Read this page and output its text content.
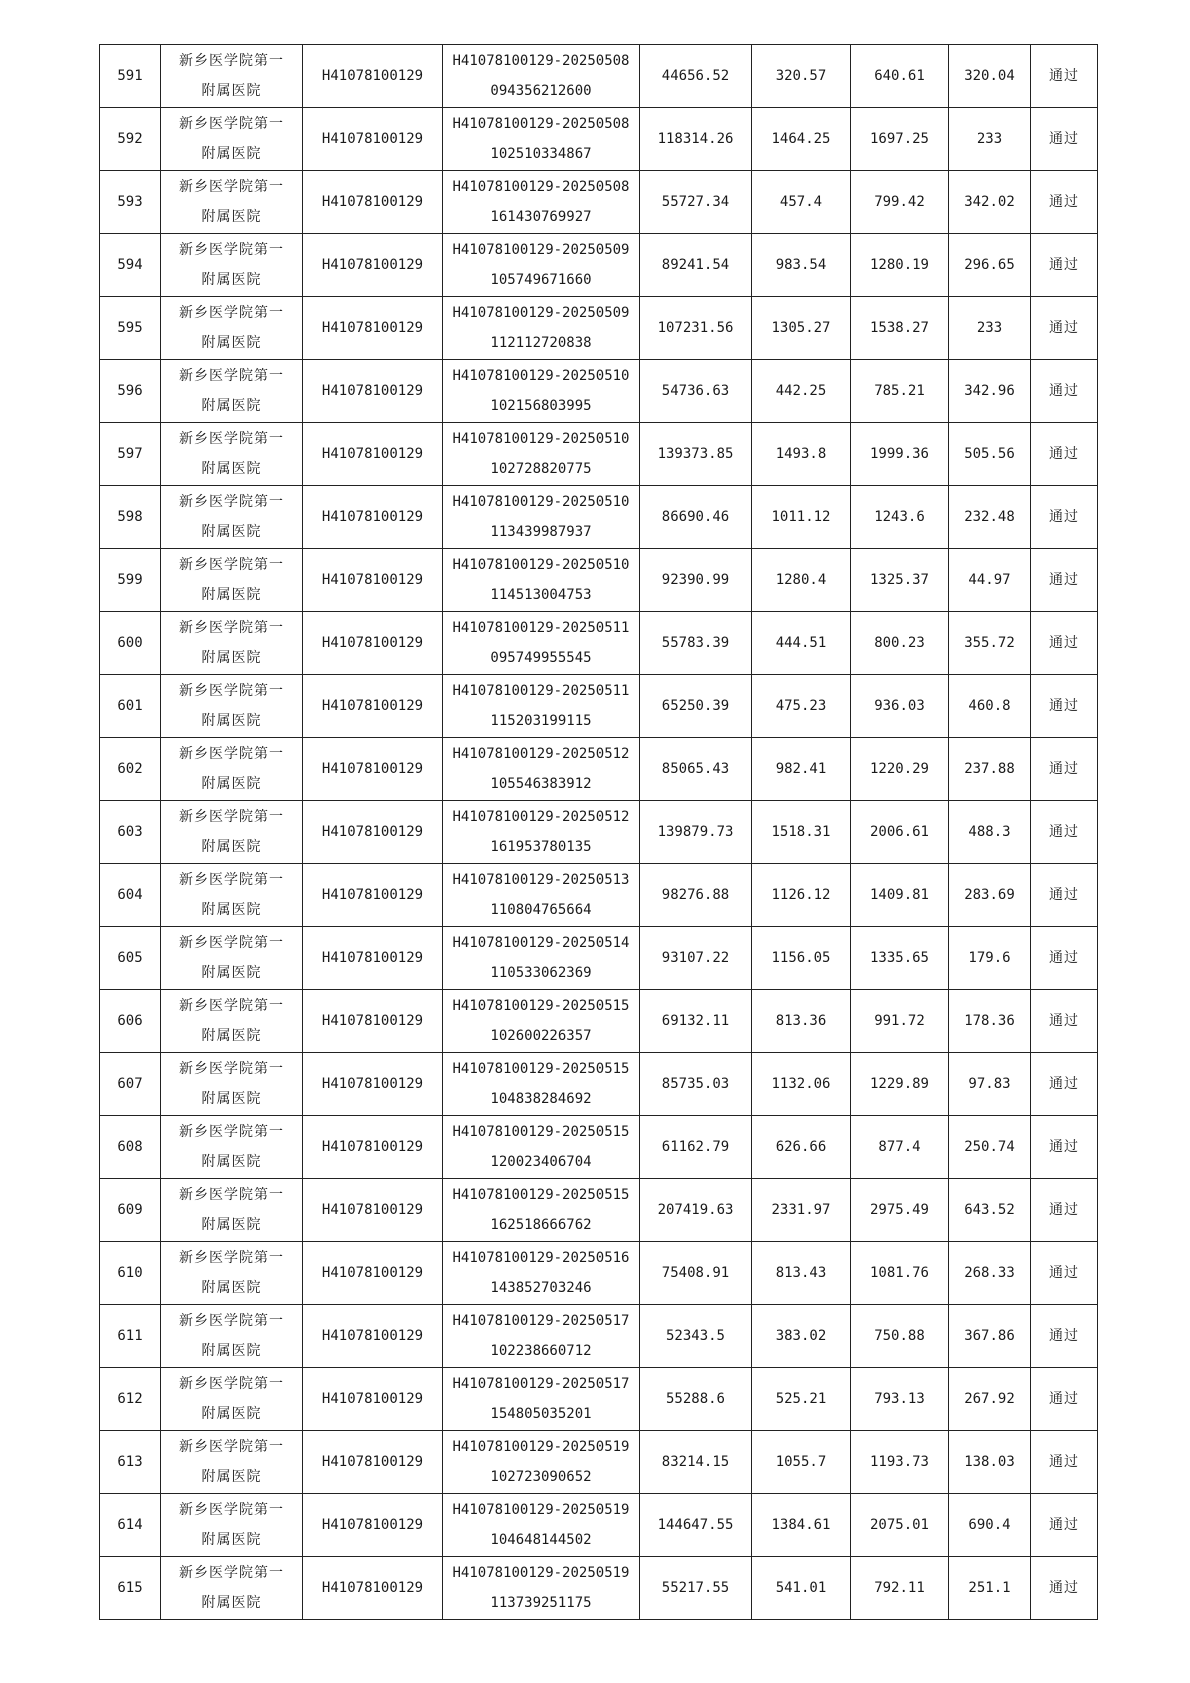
591	新乡医学院第一
附属医院	H41078100129	H41078100129-20250508
094356212600	44656.52	320.57	640.61	320.04	通过

592	新乡医学院第一
附属医院	H41078100129	H41078100129-20250508
102510334867	118314.26	1464.25	1697.25	233	通过

593	新乡医学院第一
附属医院	H41078100129	H41078100129-20250508
161430769927	55727.34	457.4	799.42	342.02	通过

594	新乡医学院第一
附属医院	H41078100129	H41078100129-20250509
105749671660	89241.54	983.54	1280.19	296.65	通过

595	新乡医学院第一
附属医院	H41078100129	H41078100129-20250509
112112720838	107231.56	1305.27	1538.27	233	通过

596	新乡医学院第一
附属医院	H41078100129	H41078100129-20250510
102156803995	54736.63	442.25	785.21	342.96	通过

597	新乡医学院第一
附属医院	H41078100129	H41078100129-20250510
102728820775	139373.85	1493.8	1999.36	505.56	通过

598	新乡医学院第一
附属医院	H41078100129	H41078100129-20250510
113439987937	86690.46	1011.12	1243.6	232.48	通过

599	新乡医学院第一
附属医院	H41078100129	H41078100129-20250510
114513004753	92390.99	1280.4	1325.37	44.97	通过

600	新乡医学院第一
附属医院	H41078100129	H41078100129-20250511
095749955545	55783.39	444.51	800.23	355.72	通过

601	新乡医学院第一
附属医院	H41078100129	H41078100129-20250511
115203199115	65250.39	475.23	936.03	460.8	通过

602	新乡医学院第一
附属医院	H41078100129	H41078100129-20250512
105546383912	85065.43	982.41	1220.29	237.88	通过

603	新乡医学院第一
附属医院	H41078100129	H41078100129-20250512
161953780135	139879.73	1518.31	2006.61	488.3	通过

604	新乡医学院第一
附属医院	H41078100129	H41078100129-20250513
110804765664	98276.88	1126.12	1409.81	283.69	通过

605	新乡医学院第一
附属医院	H41078100129	H41078100129-20250514
110533062369	93107.22	1156.05	1335.65	179.6	通过

606	新乡医学院第一
附属医院	H41078100129	H41078100129-20250515
102600226357	69132.11	813.36	991.72	178.36	通过

607	新乡医学院第一
附属医院	H41078100129	H41078100129-20250515
104838284692	85735.03	1132.06	1229.89	97.83	通过

608	新乡医学院第一
附属医院	H41078100129	H41078100129-20250515
120023406704	61162.79	626.66	877.4	250.74	通过

609	新乡医学院第一
附属医院	H41078100129	H41078100129-20250515
162518666762	207419.63	2331.97	2975.49	643.52	通过

610	新乡医学院第一
附属医院	H41078100129	H41078100129-20250516
143852703246	75408.91	813.43	1081.76	268.33	通过

611	新乡医学院第一
附属医院	H41078100129	H41078100129-20250517
102238660712	52343.5	383.02	750.88	367.86	通过

612	新乡医学院第一
附属医院	H41078100129	H41078100129-20250517
154805035201	55288.6	525.21	793.13	267.92	通过

613	新乡医学院第一
附属医院	H41078100129	H41078100129-20250519
102723090652	83214.15	1055.7	1193.73	138.03	通过

614	新乡医学院第一
附属医院	H41078100129	H41078100129-20250519
104648144502	144647.55	1384.61	2075.01	690.4	通过

615	新乡医学院第一
附属医院	H41078100129	H41078100129-20250519
113739251175	55217.55	541.01	792.11	251.1	通过
